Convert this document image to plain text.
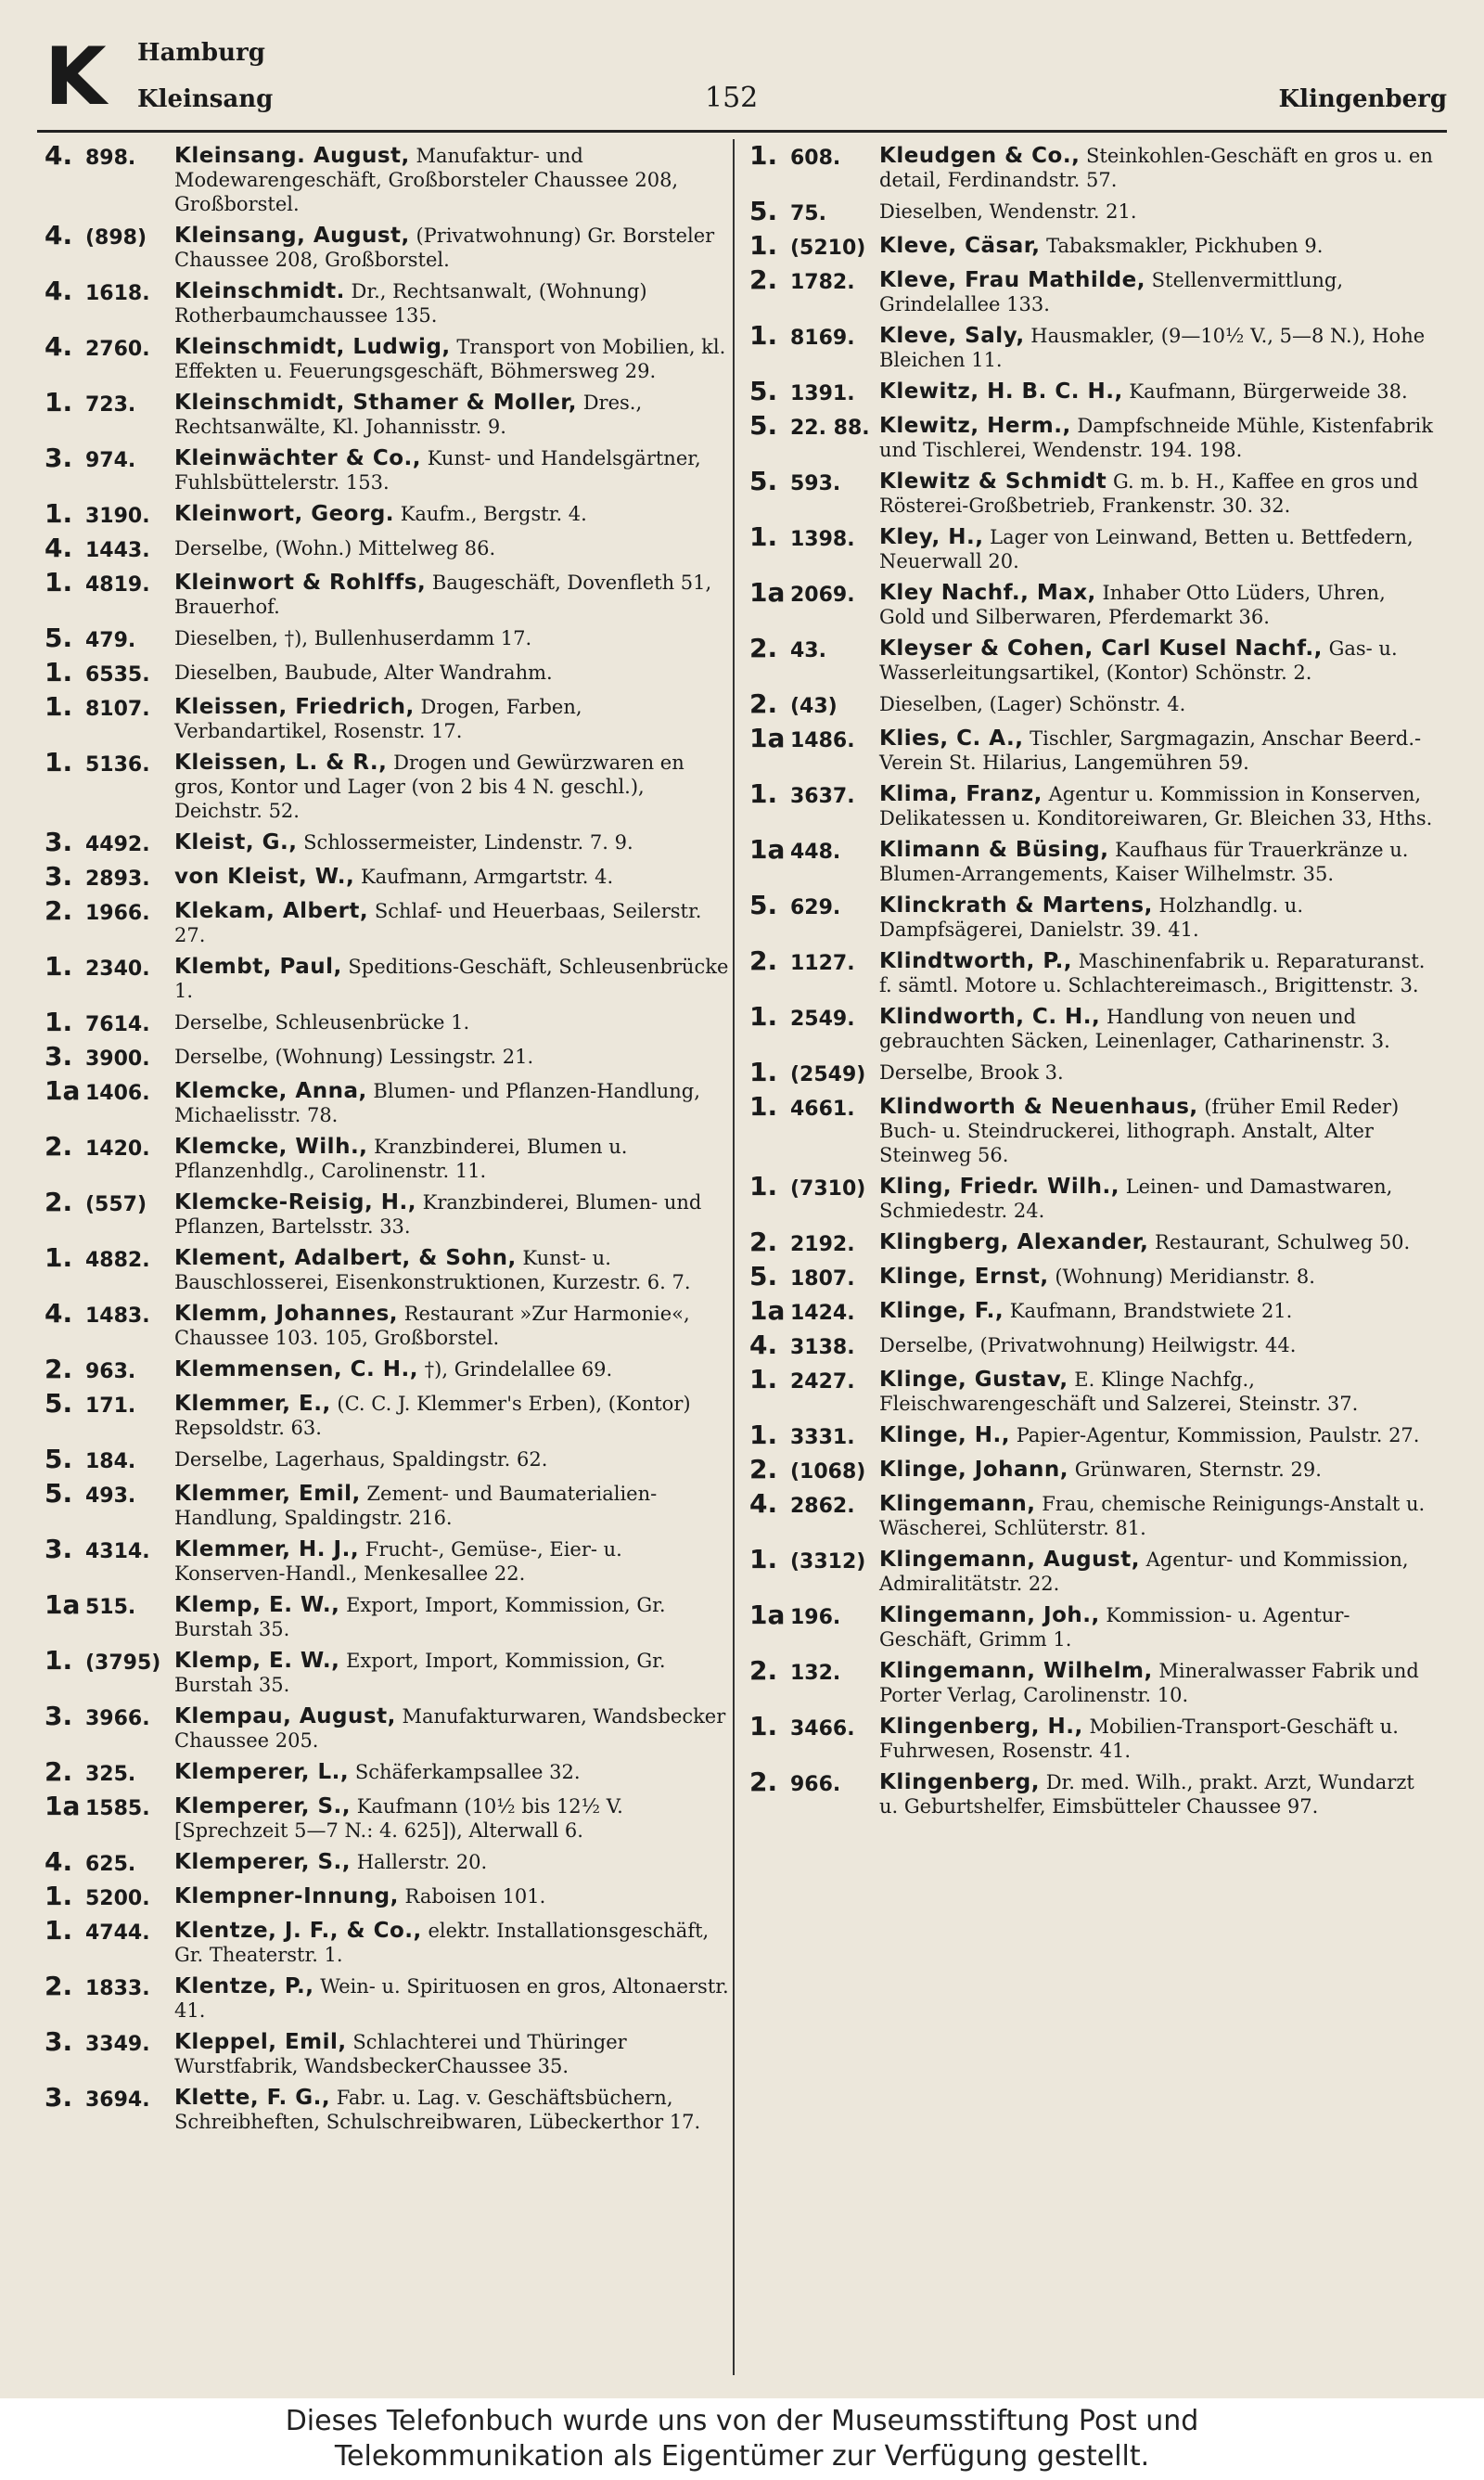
K Hamburg
Kleinsang	152	Klingenberg
4. 898.	Kleinsang. August, Manufaktur- und Modewarengeschäft, Großborsteler Chaussee 208, Großborstel.
4. (898)	Kleinsang, August, (Privatwohnung) Gr. Borsteler Chaussee 208, Großborstel.
4. 1618.	Kleinschmidt. Dr., Rechtsanwalt, (Wohnung) Rotherbaumchaussee 135.
4. 2760.	Kleinschmidt, Ludwig, Transport von Mobilien, kl. Effekten u. Feuerungsgeschäft, Böhmersweg 29.
1. 723.	Kleinschmidt, Sthamer & Moller, Dres., Rechtsanwälte, Kl. Johannisstr. 9.
3. 974.	Kleinwächter & Co., Kunst- und Handelsgärtner, Fuhlsbüttelerstr. 153.
1. 3190.	Kleinwort, Georg. Kaufm., Bergstr. 4.
4. 1443.	Derselbe, (Wohn.) Mittelweg 86.
1. 4819.	Kleinwort & Rohlffs, Baugeschäft, Dovenfleth 51, Brauerhof.
5. 479.	Dieselben, †), Bullenhuserdamm 17.
1. 6535.	Dieselben, Baubude, Alter Wandrahm.
1. 8107.	Kleissen, Friedrich, Drogen, Farben, Verbandartikel, Rosenstr. 17.
1. 5136.	Kleissen, L. & R., Drogen und Gewürzwaren en gros, Kontor und Lager (von 2 bis 4 N. geschl.), Deichstr. 52.
3. 4492.	Kleist, G., Schlossermeister, Lindenstr. 7. 9.
3. 2893.	von Kleist, W., Kaufmann, Armgartstr. 4.
2. 1966.	Klekam, Albert, Schlaf- und Heuerbaas, Seilerstr. 27.
1. 2340.	Klembt, Paul, Speditions-Geschäft, Schleusenbrücke 1.
1. 7614.	Derselbe, Schleusenbrücke 1.
3. 3900.	Derselbe, (Wohnung) Lessingstr. 21.
1a 1406.	Klemcke, Anna, Blumen- und Pflanzen-Handlung, Michaelisstr. 78.
2. 1420.	Klemcke, Wilh., Kranzbinderei, Blumen u. Pflanzenhdlg., Carolinenstr. 11.
2. (557)	Klemcke-Reisig, H., Kranzbinderei, Blumen- und Pflanzen, Bartelsstr. 33.
1. 4882.	Klement, Adalbert, & Sohn, Kunst- u. Bauschlosserei, Eisenkonstruktionen, Kurzestr. 6. 7.
4. 1483.	Klemm, Johannes, Restaurant »Zur Harmonie«, Chaussee 103. 105, Großborstel.
2. 963.	Klemmensen, C. H., †), Grindelallee 69.
5. 171.	Klemmer, E., (C. C. J. Klemmer's Erben), (Kontor) Repsoldstr. 63.
5. 184.	Derselbe, Lagerhaus, Spaldingstr. 62.
5. 493.	Klemmer, Emil, Zement- und Baumaterialien-Handlung, Spaldingstr. 216.
3. 4314.	Klemmer, H. J., Frucht-, Gemüse-, Eier- u. Konserven-Handl., Menkesallee 22.
1a 515.	Klemp, E. W., Export, Import, Kommission, Gr. Burstah 35.
1. (3795) Klemp, E. W., Export, Import, Kommission, Gr. Burstah 35.
3. 3966.	Klempau, August, Manufakturwaren, Wandsbecker Chaussee 205.
2. 325.	Klemperer, L., Schäferkampsallee 32.
1a 1585.	Klemperer, S., Kaufmann (10½ bis 12½ V. [Sprechzeit 5—7 N.: 4. 625]), Alterwall 6.
4. 625.	Klemperer, S., Hallerstr. 20.
1. 5200.	Klempner-Innung, Raboisen 101.
1. 4744.	Klentze, J. F., & Co., elektr. Installationsgeschäft, Gr. Theaterstr. 1.
2. 1833.	Klentze, P., Wein- u. Spirituosen en gros, Altonaerstr. 41.
3. 3349.	Kleppel, Emil, Schlachterei und Thüringer Wurstfabrik, WandsbeckerChaussee 35.
3. 3694.	Klette, F. G., Fabr. u. Lag. v. Geschäftsbüchern, Schreibheften, Schulschreibwaren, Lübeckerthor 17.
1. 608.	Kleudgen & Co., Steinkohlen-Geschäft en gros u. en detail, Ferdinandstr. 57.
5. 75.	Dieselben, Wendenstr. 21.
1. (5210) Kleve, Cäsar, Tabaksmakler, Pickhuben 9.
2. 1782.	Kleve, Frau Mathilde, Stellenvermittlung, Grindelallee 133.
1. 8169.	Kleve, Saly, Hausmakler, (9—10½ V., 5—8 N.), Hohe Bleichen 11.
5. 1391.	Klewitz, H. B. C. H., Kaufmann, Bürgerweide 38.
5. 22. 88. Klewitz, Herm., Dampfschneide Mühle, Kistenfabrik und Tischlerei, Wendenstr. 194. 198.
5. 593.	Klewitz & Schmidt G. m. b. H., Kaffee en gros und Rösterei-Großbetrieb, Frankenstr. 30. 32.
1. 1398.	Kley, H., Lager von Leinwand, Betten u. Bettfedern, Neuerwall 20.
1a 2069.	Kley Nachf., Max, Inhaber Otto Lüders, Uhren, Gold und Silberwaren, Pferdemarkt 36.
2. 43.	Kleyser & Cohen, Carl Kusel Nachf., Gas- u. Wasserleitungsartikel, (Kontor) Schönstr. 2.
2. (43)	Dieselben, (Lager) Schönstr. 4.
1a 1486.	Klies, C. A., Tischler, Sargmagazin, Anschar Beerd.-Verein St. Hilarius, Langemühren 59.
1. 3637.	Klima, Franz, Agentur u. Kommission in Konserven, Delikatessen u. Konditoreiwaren, Gr. Bleichen 33, Hths.
1a 448.	Klimann & Büsing, Kaufhaus für Trauerkränze u. Blumen-Arrangements, Kaiser Wilhelmstr. 35.
5. 629.	Klinckrath & Martens, Holzhandlg. u. Dampfsägerei, Danielstr. 39. 41.
2. 1127.	Klindtworth, P., Maschinenfabrik u. Reparaturanst. f. sämtl. Motore u. Schlachtereimasch., Brigittenstr. 3.
1. 2549.	Klindworth, C. H., Handlung von neuen und gebrauchten Säcken, Leinenlager, Catharinenstr. 3.
1. (2549) Derselbe, Brook 3.
1. 4661.	Klindworth & Neuenhaus, (früher Emil Reder) Buch- u. Steindruckerei, lithograph. Anstalt, Alter Steinweg 56.
1. (7310) Kling, Friedr. Wilh., Leinen- und Damastwaren, Schmiedestr. 24.
2. 2192.	Klingberg, Alexander, Restaurant, Schulweg 50.
5. 1807.	Klinge, Ernst, (Wohnung) Meridianstr. 8.
1a 1424.	Klinge, F., Kaufmann, Brandstwiete 21.
4. 3138.	Derselbe, (Privatwohnung) Heilwigstr. 44.
1. 2427.	Klinge, Gustav, E. Klinge Nachfg., Fleischwarengeschäft und Salzerei, Steinstr. 37.
1. 3331.	Klinge, H., Papier-Agentur, Kommission, Paulstr. 27.
2. (1068) Klinge, Johann, Grünwaren, Sternstr. 29.
4. 2862.	Klingemann, Frau, chemische Reinigungs-Anstalt u. Wäscherei, Schlüterstr. 81.
1. (3312) Klingemann, August, Agentur- und Kommission, Admiralitätstr. 22.
1a 196.	Klingemann, Joh., Kommission- u. Agentur-Geschäft, Grimm 1.
2. 132.	Klingemann, Wilhelm, Mineralwasser Fabrik und Porter Verlag, Carolinenstr. 10.
1. 3466.	Klingenberg, H., Mobilien-Transport-Geschäft u. Fuhrwesen, Rosenstr. 41.
2. 966.	Klingenberg, Dr. med. Wilh., prakt. Arzt, Wundarzt u. Geburtshelfer, Eimsbütteler Chaussee 97.
Dieses Telefonbuch wurde uns von der Museumsstiftung Post und
Telekommunikation als Eigentümer zur Verfügung gestellt.
